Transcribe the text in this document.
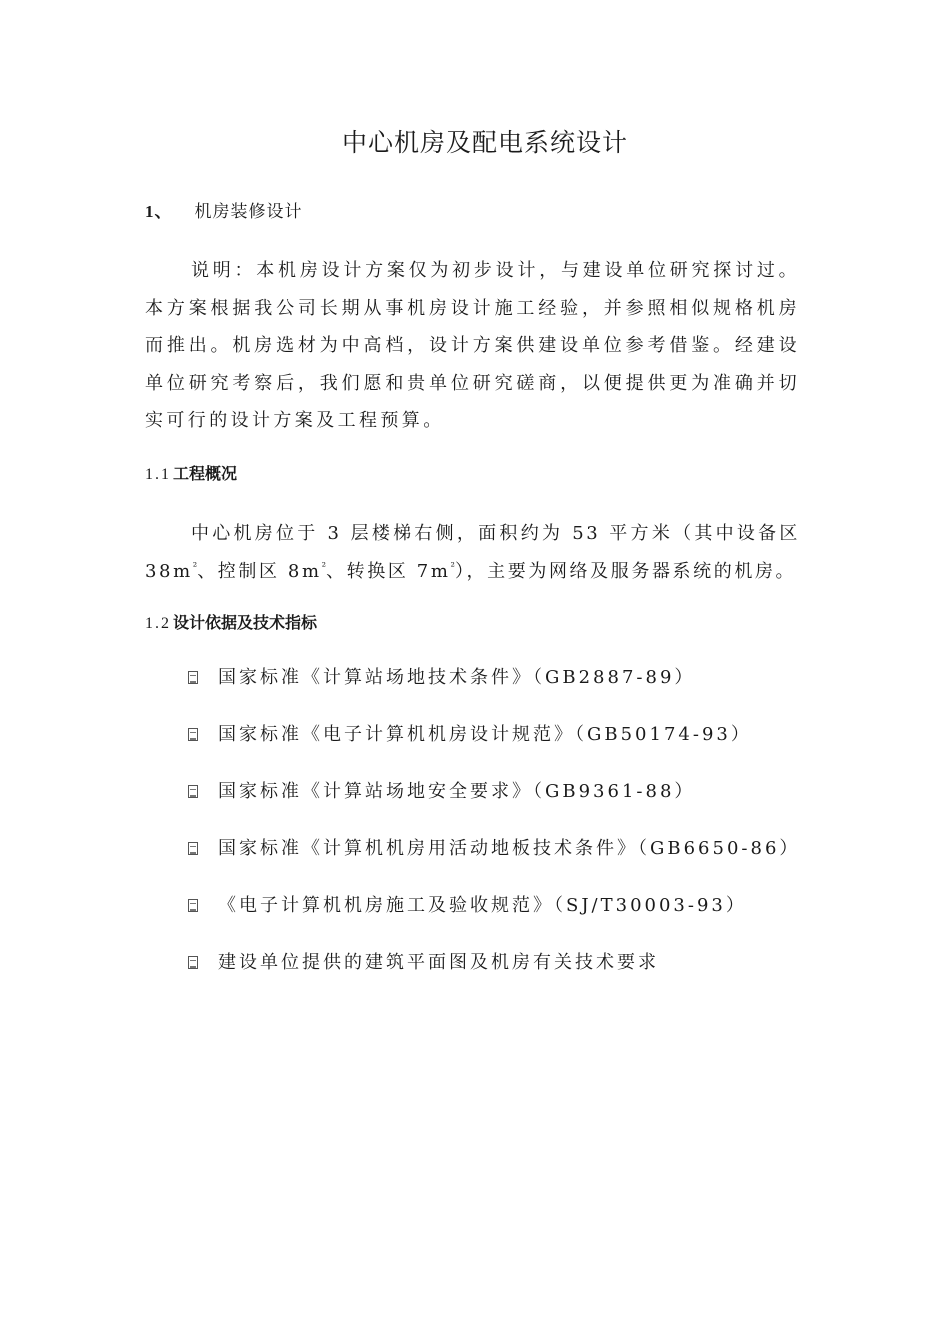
中心机房及配电系统设计
1、 机房装修设计
说明：本机房设计方案仅为初步设计，与建设单位研究探讨过。本方案根据我公司长期从事机房设计施工经验，并参照相似规格机房而推出。机房选材为中高档，设计方案供建设单位参考借鉴。经建设单位研究考察后，我们愿和贵单位研究磋商，以便提供更为准确并切实可行的设计方案及工程预算。
1.1 工程概况
中心机房位于 3 层楼梯右侧，面积约为 53 平方米（其中设备区$38m^{^2}$、控制区 $8m^{^2}$、转换区 $7m^{^2}$），主要为网络及服务器系统的机房。
1.2 设计依据及技术指标
国家标准《计算站场地技术条件》（GB2887-89）
国家标准《电子计算机机房设计规范》（GB50174-93）
国家标准《计算站场地安全要求》（GB9361-88）
国家标准《计算机机房用活动地板技术条件》（GB6650-86）
《电子计算机机房施工及验收规范》（SJ/T30003-93）
建设单位提供的建筑平面图及机房有关技术要求
